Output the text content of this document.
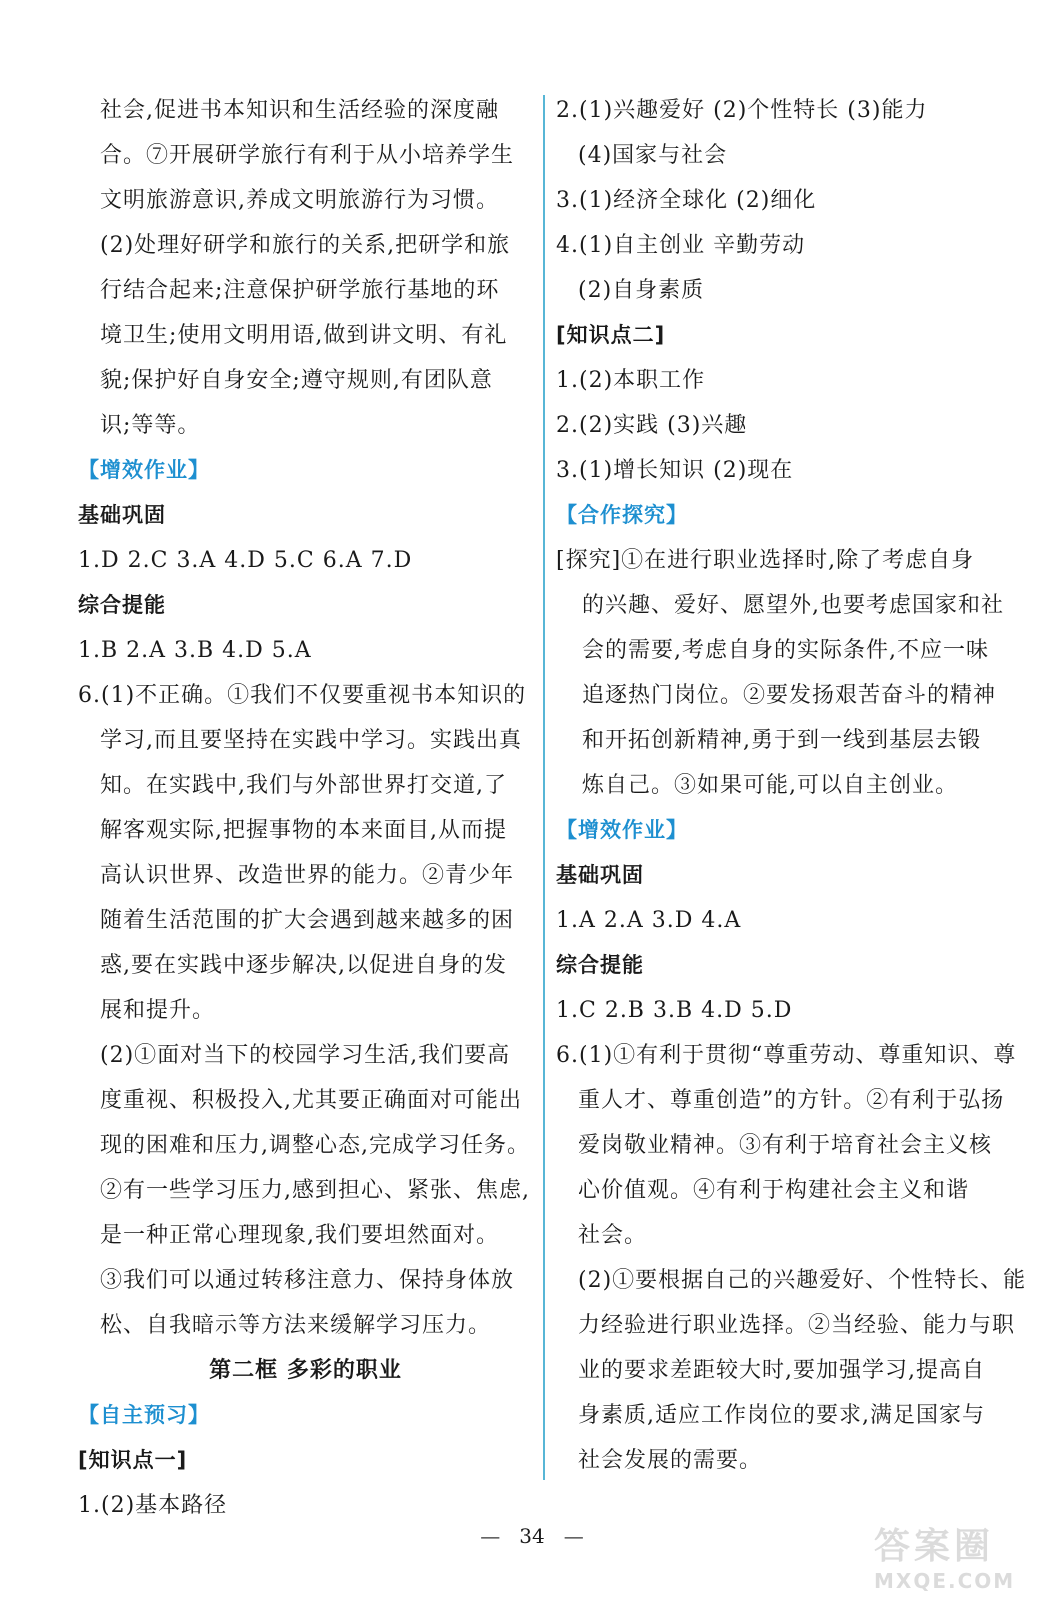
社会,促进书本知识和生活经验的深度融
合。⑦开展研学旅行有利于从小培养学生
文明旅游意识,养成文明旅游行为习惯。
(2)处理好研学和旅行的关系,把研学和旅
行结合起来;注意保护研学旅行基地的环
境卫生;使用文明用语,做到讲文明、有礼
貌;保护好自身安全;遵守规则,有团队意
识;等等。
【增效作业】
基础巩固
1.D 2.C 3.A 4.D 5.C 6.A 7.D
综合提能
1.B 2.A 3.B 4.D 5.A
6.(1)不正确。①我们不仅要重视书本知识的
学习,而且要坚持在实践中学习。实践出真
知。在实践中,我们与外部世界打交道,了
解客观实际,把握事物的本来面目,从而提
高认识世界、改造世界的能力。②青少年
随着生活范围的扩大会遇到越来越多的困
惑,要在实践中逐步解决,以促进自身的发
展和提升。
(2)①面对当下的校园学习生活,我们要高
度重视、积极投入,尤其要正确面对可能出
现的困难和压力,调整心态,完成学习任务。
②有一些学习压力,感到担心、紧张、焦虑,
是一种正常心理现象,我们要坦然面对。
③我们可以通过转移注意力、保持身体放
松、自我暗示等方法来缓解学习压力。
第二框 多彩的职业
【自主预习】
[知识点一]
1.(2)基本路径
2.(1)兴趣爱好 (2)个性特长 (3)能力
(4)国家与社会
3.(1)经济全球化 (2)细化
4.(1)自主创业 辛勤劳动
(2)自身素质
[知识点二]
1.(2)本职工作
2.(2)实践 (3)兴趣
3.(1)增长知识 (2)现在
【合作探究】
[探究]①在进行职业选择时,除了考虑自身
的兴趣、爱好、愿望外,也要考虑国家和社
会的需要,考虑自身的实际条件,不应一味
追逐热门岗位。②要发扬艰苦奋斗的精神
和开拓创新精神,勇于到一线到基层去锻
炼自己。③如果可能,可以自主创业。
【增效作业】
基础巩固
1.A 2.A 3.D 4.A
综合提能
1.C 2.B 3.B 4.D 5.D
6.(1)①有利于贯彻“尊重劳动、尊重知识、尊
重人才、尊重创造”的方针。②有利于弘扬
爱岗敬业精神。③有利于培育社会主义核
心价值观。④有利于构建社会主义和谐
社会。
(2)①要根据自己的兴趣爱好、个性特长、能
力经验进行职业选择。②当经验、能力与职
业的要求差距较大时,要加强学习,提高自
身素质,适应工作岗位的要求,满足国家与
社会发展的需要。
— 34 —	答案圈
MXQE.COM
